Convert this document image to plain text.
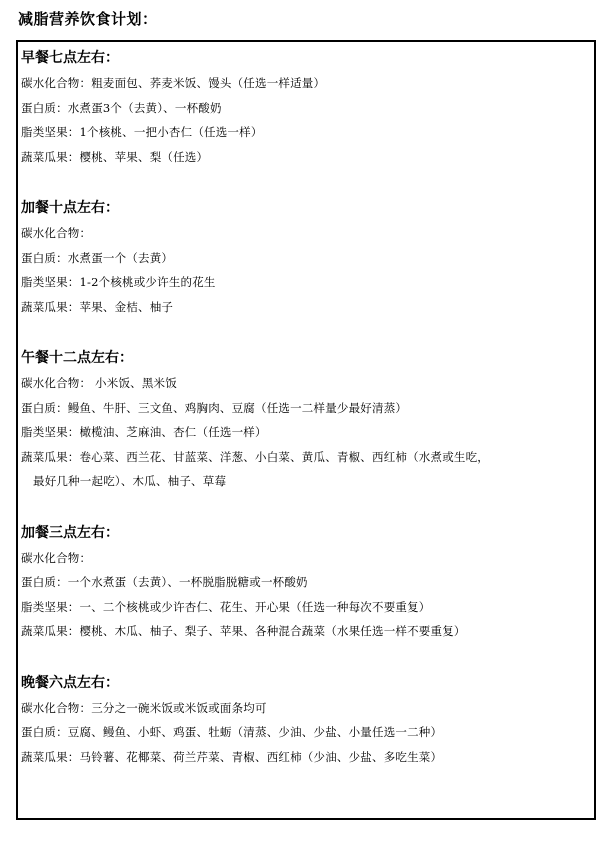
减脂营养饮食计划：
早餐七点左右：
碳水化合物：粗麦面包、荞麦米饭、馒头（任选一样适量）
蛋白质：水煮蛋3个（去黄）、一杯酸奶
脂类坚果：1个核桃、一把小杏仁（任选一样）
蔬菜瓜果：樱桃、苹果、梨（任选）
加餐十点左右：
碳水化合物：
蛋白质：水煮蛋一个（去黄）
脂类坚果：1-2个核桃或少许生的花生
蔬菜瓜果：苹果、金桔、柚子
午餐十二点左右：
碳水化合物： 小米饭、黑米饭
蛋白质：鳗鱼、牛肝、三文鱼、鸡胸肉、豆腐（任选一二样量少最好清蒸）
脂类坚果：橄榄油、芝麻油、杏仁（任选一样）
蔬菜瓜果：卷心菜、西兰花、甘蓝菜、洋葱、小白菜、黄瓜、青椒、西红柿（水煮或生吃，
最好几种一起吃）、木瓜、柚子、草莓
加餐三点左右：
碳水化合物：
蛋白质：一个水煮蛋（去黄）、一杯脱脂脱糖或一杯酸奶
脂类坚果：一、二个核桃或少许杏仁、花生、开心果（任选一种每次不要重复）
蔬菜瓜果：樱桃、木瓜、柚子、梨子、苹果、各种混合蔬菜（水果任选一样不要重复）
晚餐六点左右：
碳水化合物：三分之一碗米饭或米饭或面条均可
蛋白质：豆腐、鳗鱼、小虾、鸡蛋、牡蛎（清蒸、少油、少盐、小量任选一二种）
蔬菜瓜果：马铃薯、花椰菜、荷兰芹菜、青椒、西红柿（少油、少盐、多吃生菜）
